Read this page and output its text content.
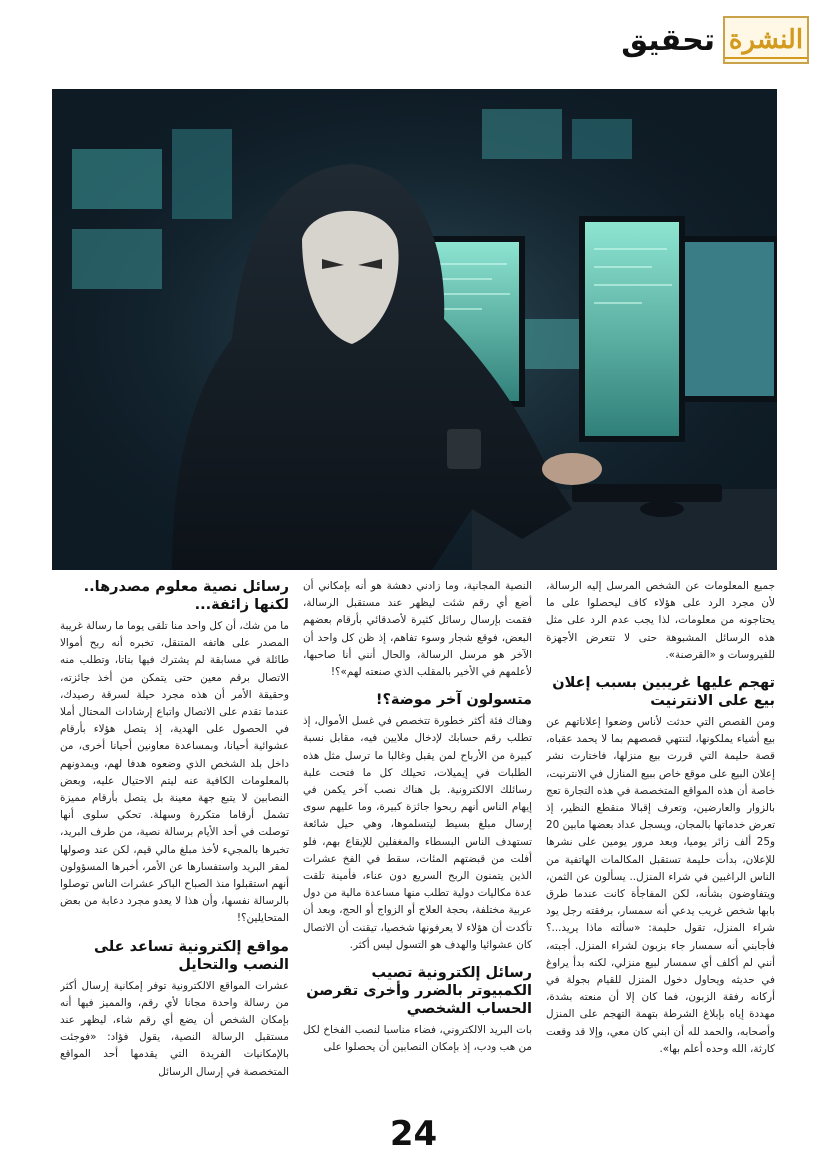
النشرة
تحقيق
رسائل نصية معلوم مصدرها.. لكنها زائفة...

ما من شك، أن كل واحد منا تلقى يوما ما رسالة غريبة المصدر على هاتفه المتنقل، تخبره أنه ربح أموالا طائلة في مسابقة لم يشترك فيها بتاتا، وتطلب منه الاتصال برقم معين حتى يتمكن من أخذ جائزته، وحقيقة الأمر أن هذه مجرد حيلة لسرقة رصيدك، عندما تقدم على الاتصال واتباع إرشادات المحتال أملا في الحصول على الهدية، إذ يتصل هؤلاء بأرقام عشوائية أحيانا، وبمساعدة معاونين أحيانا أخرى، من داخل بلد الشخص الذي وضعوه هدفا لهم، ويمدونهم بالمعلومات الكافية عنه ليتم الاحتيال عليه، وبعض النصابين لا يتبع جهة معينة بل يتصل بأرقام مميزة تشمل أرقاما متكررة وسهلة. تحكي سلوى أنها توصلت في أحد الأيام برسالة نصية، من طرف البريد، تخبرها بالمجيء لأخذ مبلغ مالي قيم، لكن عند وصولها لمقر البريد واستفسارها عن الأمر، أخبرها المسؤولون أنهم استقبلوا منذ الصباح الباكر عشرات الناس توصلوا بالرسالة نفسها، وأن هذا لا يعدو مجرد دعابة من بعض المتحايلين؟!

مواقع إلكترونية تساعد على النصب والتحايل

عشرات المواقع الالكترونية توفر إمكانية إرسال أكثر من رسالة واحدة مجانا لأي رقم، والمميز فيها أنه بإمكان الشخص أن يضع أي رقم شاء، ليظهر عند مستقبل الرسالة النصية، يقول فؤاد: «فوجئت بالإمكانيات الفريدة التي يقدمها أحد المواقع المتخصصة في إرسال الرسائل

النصية المجانية، وما زادني دهشة هو أنه بإمكاني أن أضع أي رقم شئت ليظهر عند مستقبل الرسالة، فقمت بإرسال رسائل كثيرة لأصدقائي بأرقام بعضهم البعض، فوقع شجار وسوء تفاهم، إذ ظن كل واحد أن الآخر هو مرسل الرسالة، والحال أنني أنا صاحبها، لأعلمهم في الأخير بالمقلب الذي صنعته لهم»؟!

متسولون آخر موضة؟!

وهناك فئة أكثر خطورة تتخصص في غسل الأموال، إذ تطلب رقم حسابك لإدخال ملايين فيه، مقابل نسبة كبيرة من الأرباح لمن يقبل وغالبا ما ترسل مثل هذه الطلبات في إيميلات، تحيلك كل ما فتحت علبة رسائلك الالكترونية. بل هناك نصب آخر يكمن في إيهام الناس أنهم ربحوا جائزة كبيرة، وما عليهم سوى إرسال مبلغ بسيط ليتسلموها، وهي حيل شائعة تستهدف الناس البسطاء والمغفلين للإيقاع بهم، فلو أفلت من قبضتهم المئات، سقط في الفخ عشرات الذين يتمنون الربح السريع دون عناء، فأمينة تلقت عدة مكاليات دولية تطلب منها مساعدة مالية من دول عربية مختلفة، بحجة العلاج أو الزواج أو الحج، وبعد أن تأكدت أن هؤلاء لا يعرفونها شخصيا، تيقنت أن الاتصال كان عشوائيا والهدف هو التسول ليس أكثر.

رسائل إلكترونية تصيب الكمبيوتر بالضرر وأخرى تقرصن الحساب الشخصي

بات البريد الالكتروني، فضاء مناسبا لنصب الفخاخ لكل من هب ودب، إذ بإمكان النصابين أن يحصلوا على

جميع المعلومات عن الشخص المرسل إليه الرسالة، لأن مجرد الرد على هؤلاء كاف ليحصلوا على ما يحتاجونه من معلومات، لذا يجب عدم الرد على مثل هذه الرسائل المشبوهة حتى لا تتعرض الأجهزة للفيروسات و «القرصنة».

تهجم عليها غريبين بسبب إعلان بيع على الانترنيت

ومن القصص التي حدثت لأناس وضعوا إعلاناتهم عن بيع أشياء يملكونها، لتنتهي قصصهم بما لا يحمد عقباه، قصة حليمة التي قررت بيع منزلها، فاختارت نشر إعلان البيع على موقع خاص ببيع المنازل في الانترنيت، خاصة أن هذه المواقع المتخصصة في هذه التجارة تعج بالزوار والعارضين، وتعرف إقبالا منقطع النظير، إذ تعرض خدماتها بالمجان، ويسجل عداد بعضها مابين 20 و25 ألف زائر يوميا، وبعد مرور يومين على نشرها للإعلان، بدأت حليمة تستقبل المكالمات الهاتفية من الناس الراغبين في شراء المنزل.. يسألون عن الثمن، ويتفاوضون بشأنه، لكن المفاجأة كانت عندما طرق بابها شخص غريب يدعي أنه سمسار، برفقته رجل يود شراء المنزل، تقول حليمة: «سألته ماذا يريد...؟ فأجابني أنه سمسار جاء بزبون لشراء المنزل. أجبته، أنني لم أكلف أي سمسار لبيع منزلي، لكنه بدأ يراوغ في حديثه ويحاول دخول المنزل للقيام بجولة في أركانه رفقة الزبون، فما كان إلا أن منعته بشدة، مهددة إياه بإبلاغ الشرطة بتهمة التهجم على المنزل وأصحابه، والحمد لله أن ابني كان معي، وإلا قد وقعت كارثة، الله وحده أعلم بها».

24
